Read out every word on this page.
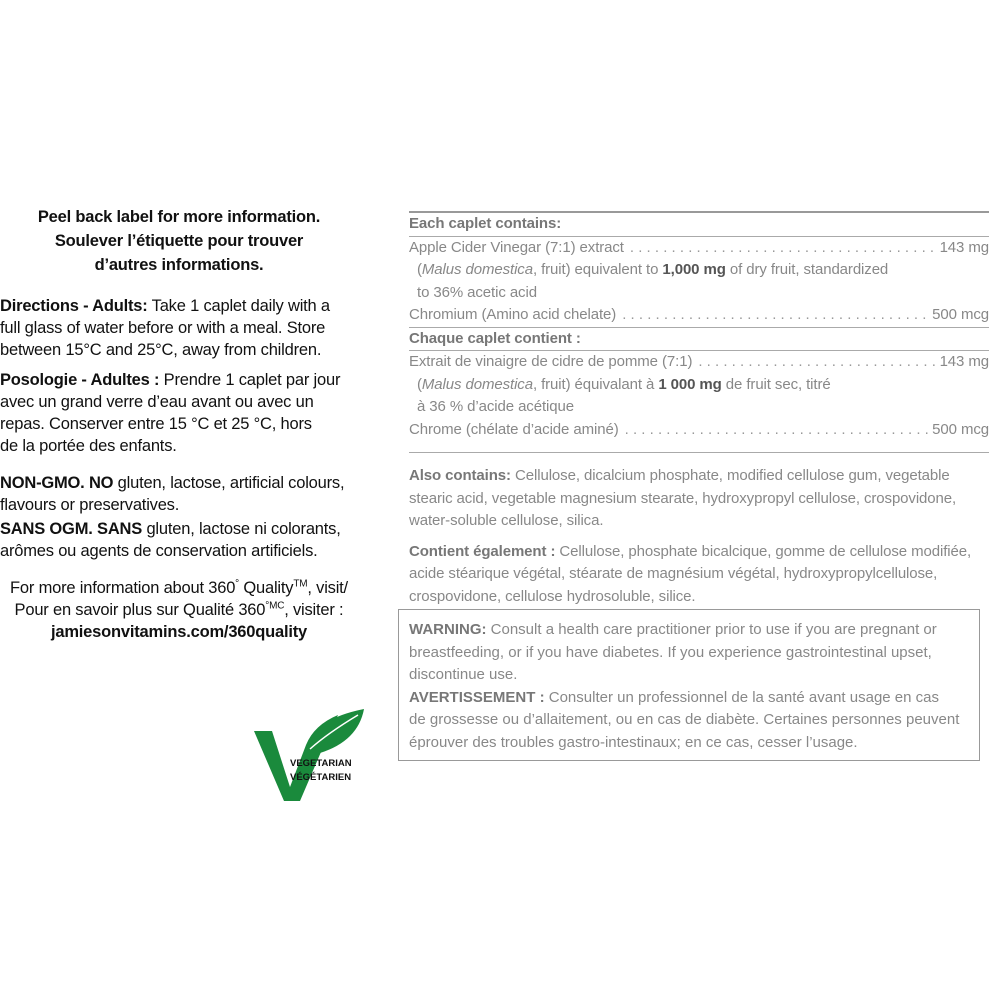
Peel back label for more information.
Soulever l’étiquette pour trouver
d’autres informations.

Directions - Adults: Take 1 caplet daily with a
full glass of water before or with a meal. Store
between 15°C and 25°C, away from children.

Posologie - Adultes : Prendre 1 caplet par jour
avec un grand verre d’eau avant ou avec un
repas. Conserver entre 15 °C et 25 °C, hors
de la portée des enfants.

NON-GMO. NO gluten, lactose, artificial colours,
flavours or preservatives.

SANS OGM. SANS gluten, lactose ni colorants,
arômes ou agents de conservation artificiels.

For more information about 360° Quality™, visit/
Pour en savoir plus sur Qualité $360^{^\circ MC}$, visiter :
jamiesonvitamins.com/360quality

VEGETARIAN
VÉGÉTARIEN
Each caplet contains:
Apple Cider Vinegar (7:1) extract . . .	143 mg
(Malus domestica, fruit) equivalent to 1,000 mg of dry fruit, standardized
to 36% acetic acid
Chromium (Amino acid chelate) . . .	500 mcg
Chaque caplet contient :
Extrait de vinaigre de cidre de pomme (7:1) . . .	143 mg
(Malus domestica, fruit) équivalant à 1 000 mg de fruit sec, titré
à 36 % d’acide acétique
Chrome (chélate d’acide aminé) . . .	500 mcg
Also contains: Cellulose, dicalcium phosphate, modified cellulose gum, vegetable
stearic acid, vegetable magnesium stearate, hydroxypropyl cellulose, crospovidone,
water-soluble cellulose, silica.
Contient également : Cellulose, phosphate bicalcique, gomme de cellulose modifiée,
acide stéarique végétal, stéarate de magnésium végétal, hydroxypropylcellulose,
crospovidone, cellulose hydrosoluble, silice.

WARNING: Consult a health care practitioner prior to use if you are pregnant or
breastfeeding, or if you have diabetes. If you experience gastrointestinal upset,
discontinue use.

AVERTISSEMENT : Consulter un professionnel de la santé avant usage en cas
de grossesse ou d’allaitement, ou en cas de diabète. Certaines personnes peuvent
éprouver des troubles gastro-intestinaux; en ce cas, cesser l’usage.
